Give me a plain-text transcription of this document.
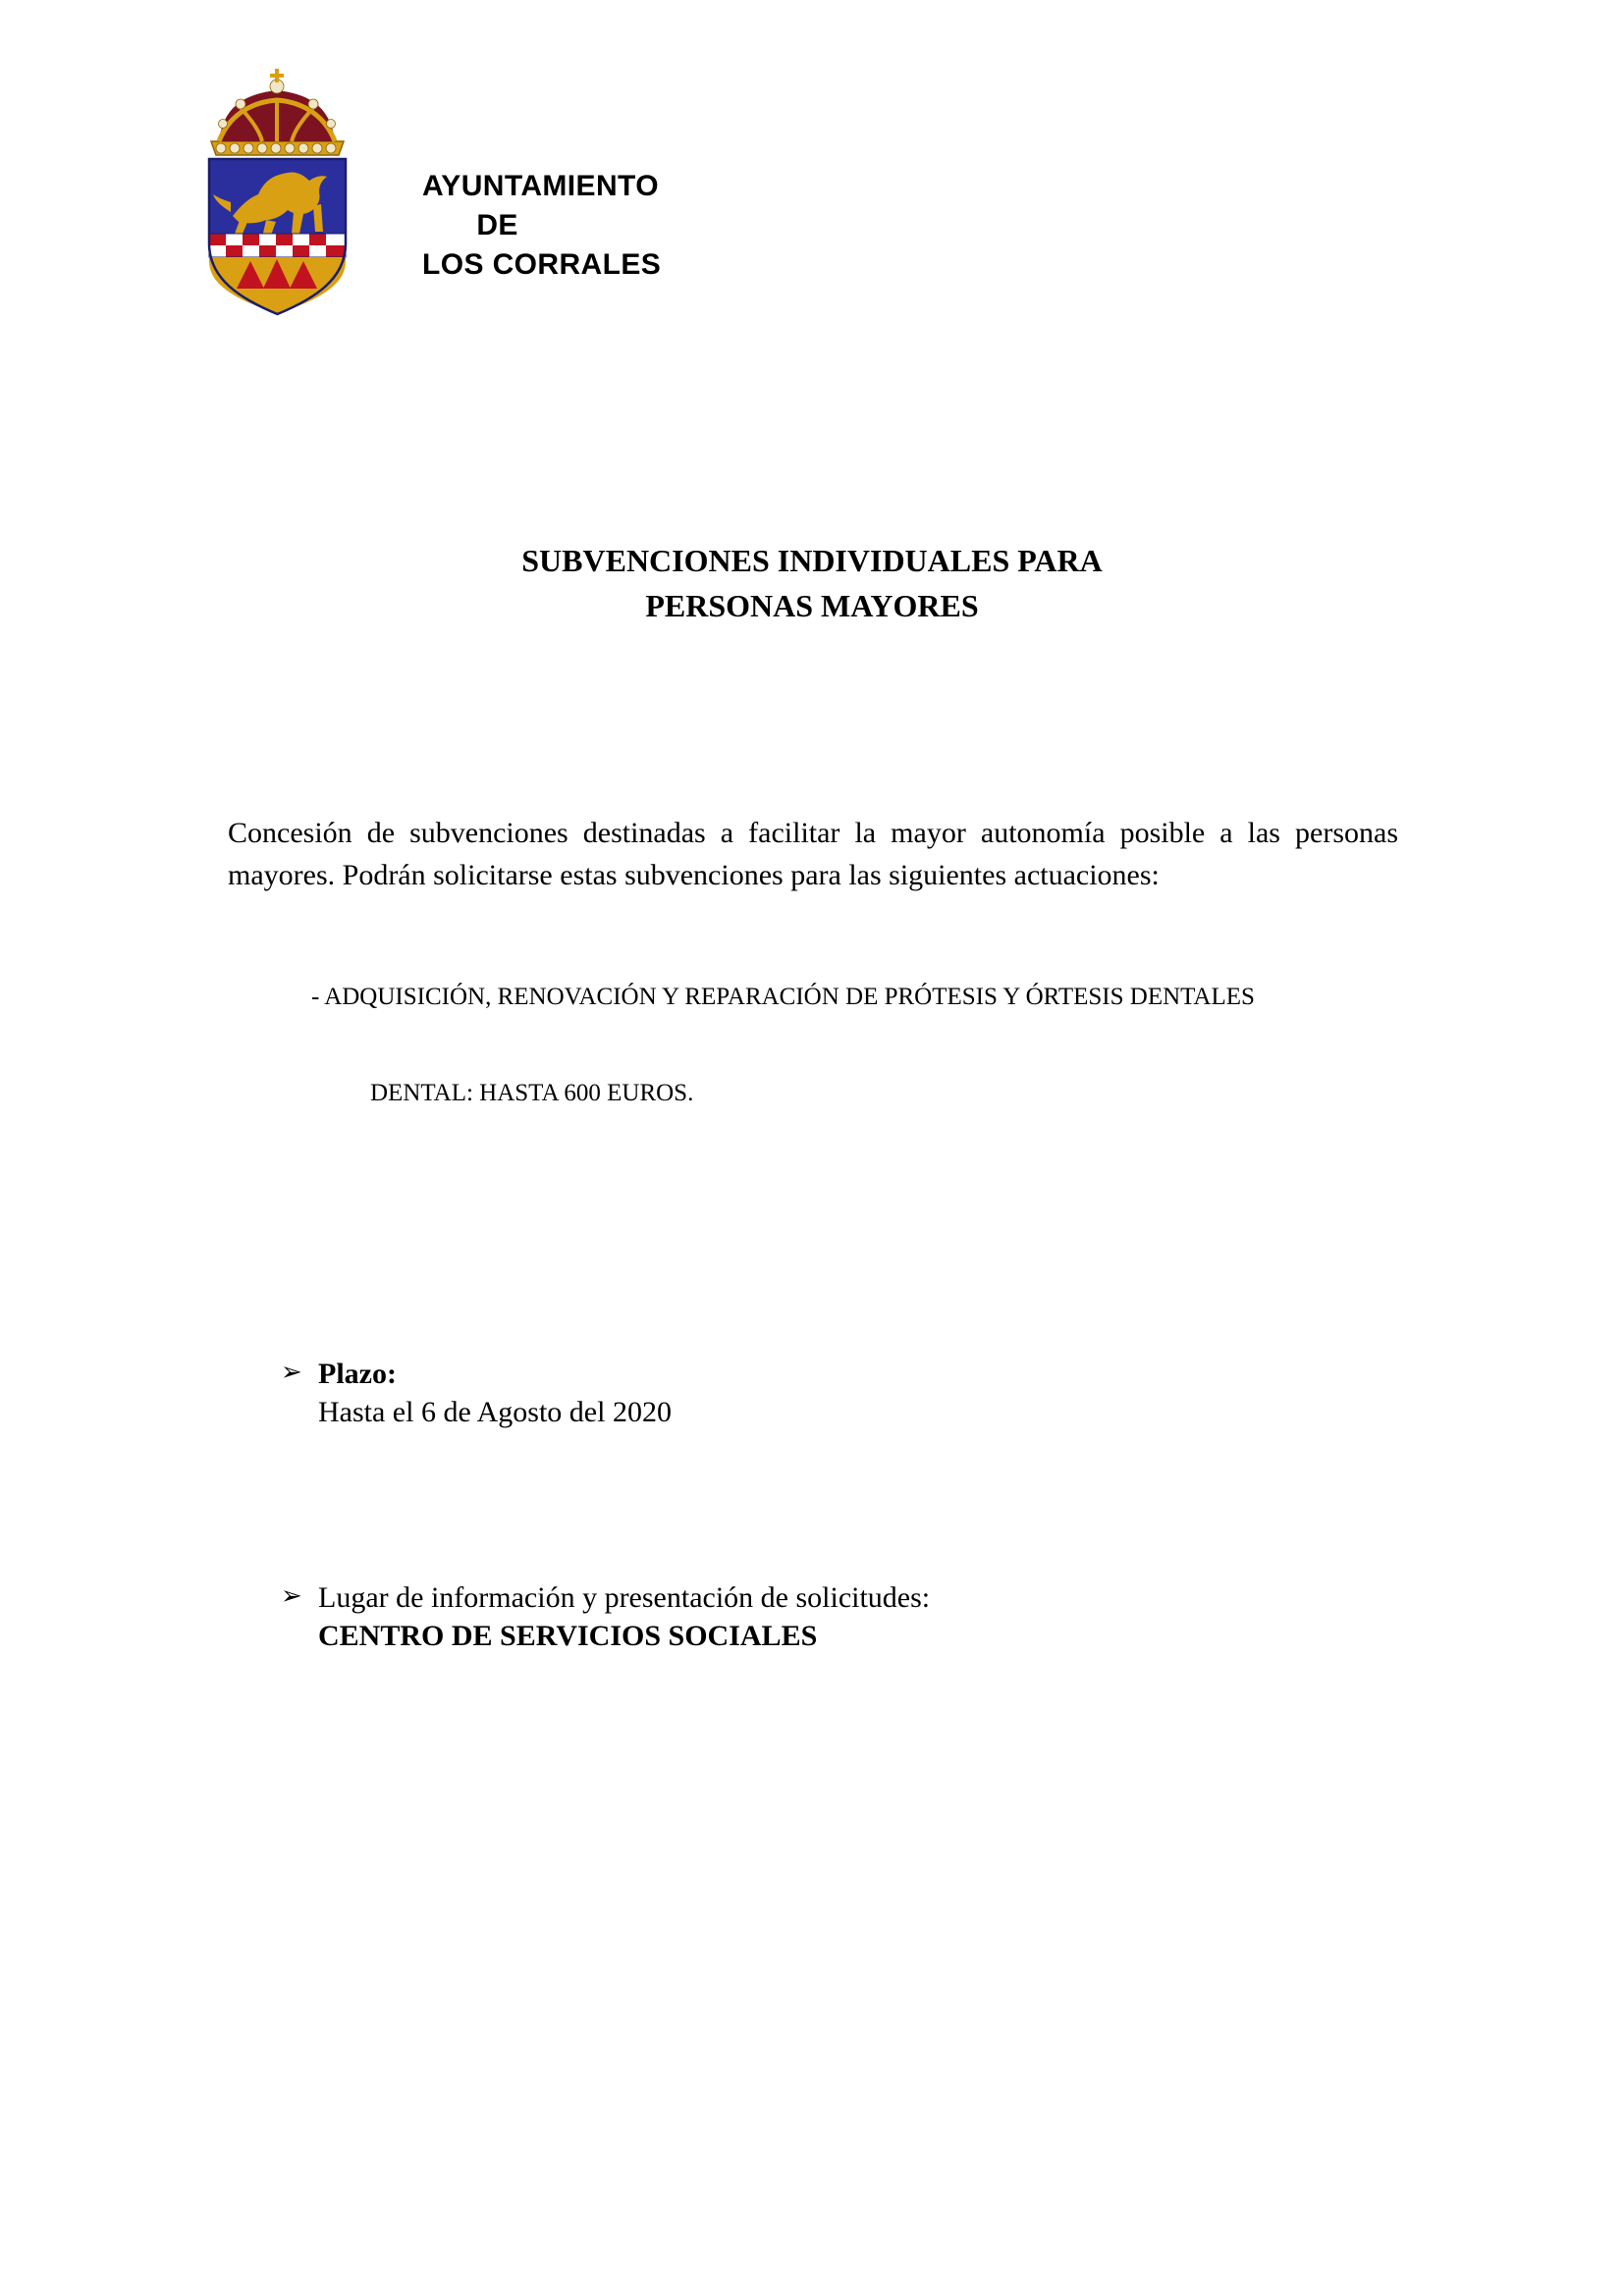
AYUNTAMIENTO
DE
LOS CORRALES
SUBVENCIONES INDIVIDUALES PARA
PERSONAS MAYORES
Concesión de subvenciones destinadas a facilitar la mayor autonomía posible a las personas mayores. Podrán solicitarse estas subvenciones para las siguientes actuaciones:
- ADQUISICIÓN, RENOVACIÓN Y REPARACIÓN DE PRÓTESIS Y ÓRTESIS DENTALES
DENTAL: HASTA 600 EUROS.
➢ Plazo:
Hasta el 6 de Agosto del 2020
➢ Lugar de información y presentación de solicitudes:
CENTRO DE SERVICIOS SOCIALES
